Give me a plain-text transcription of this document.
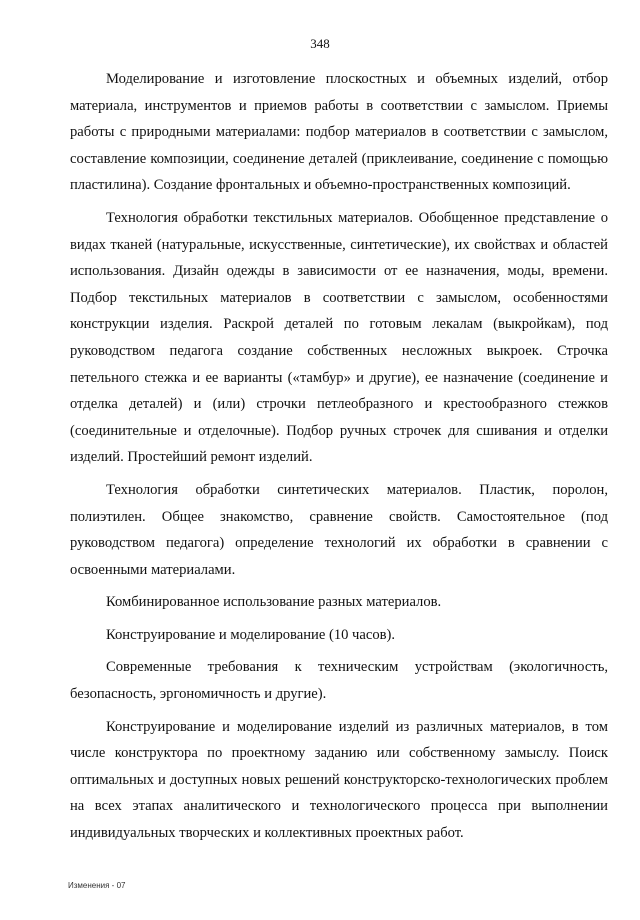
348

Моделирование и изготовление плоскостных и объемных изделий, отбор материала, инструментов и приемов работы в соответствии с замыслом. Приемы работы с природными материалами: подбор материалов в соответствии с замыслом, составление композиции, соединение деталей (приклеивание, соединение с помощью пластилина). Создание фронтальных и объемно-пространственных композиций.

Технология обработки текстильных материалов. Обобщенное представление о видах тканей (натуральные, искусственные, синтетические), их свойствах и областей использования. Дизайн одежды в зависимости от ее назначения, моды, времени. Подбор текстильных материалов в соответствии с замыслом, особенностями конструкции изделия. Раскрой деталей по готовым лекалам (выкройкам), под руководством педагога создание собственных несложных выкроек. Строчка петельного стежка и ее варианты («тамбур» и другие), ее назначение (соединение и отделка деталей) и (или) строчки петлеобразного и крестообразного стежков (соединительные и отделочные). Подбор ручных строчек для сшивания и отделки изделий. Простейший ремонт изделий.

Технология обработки синтетических материалов. Пластик, поролон, полиэтилен. Общее знакомство, сравнение свойств. Самостоятельное (под руководством педагога) определение технологий их обработки в сравнении с освоенными материалами.

Комбинированное использование разных материалов.

Конструирование и моделирование (10 часов).

Современные требования к техническим устройствам (экологичность, безопасность, эргономичность и другие).

Конструирование и моделирование изделий из различных материалов, в том числе конструктора по проектному заданию или собственному замыслу. Поиск оптимальных и доступных новых решений конструкторско-технологических проблем на всех этапах аналитического и технологического процесса при выполнении индивидуальных творческих и коллективных проектных работ.

Изменения - 07
